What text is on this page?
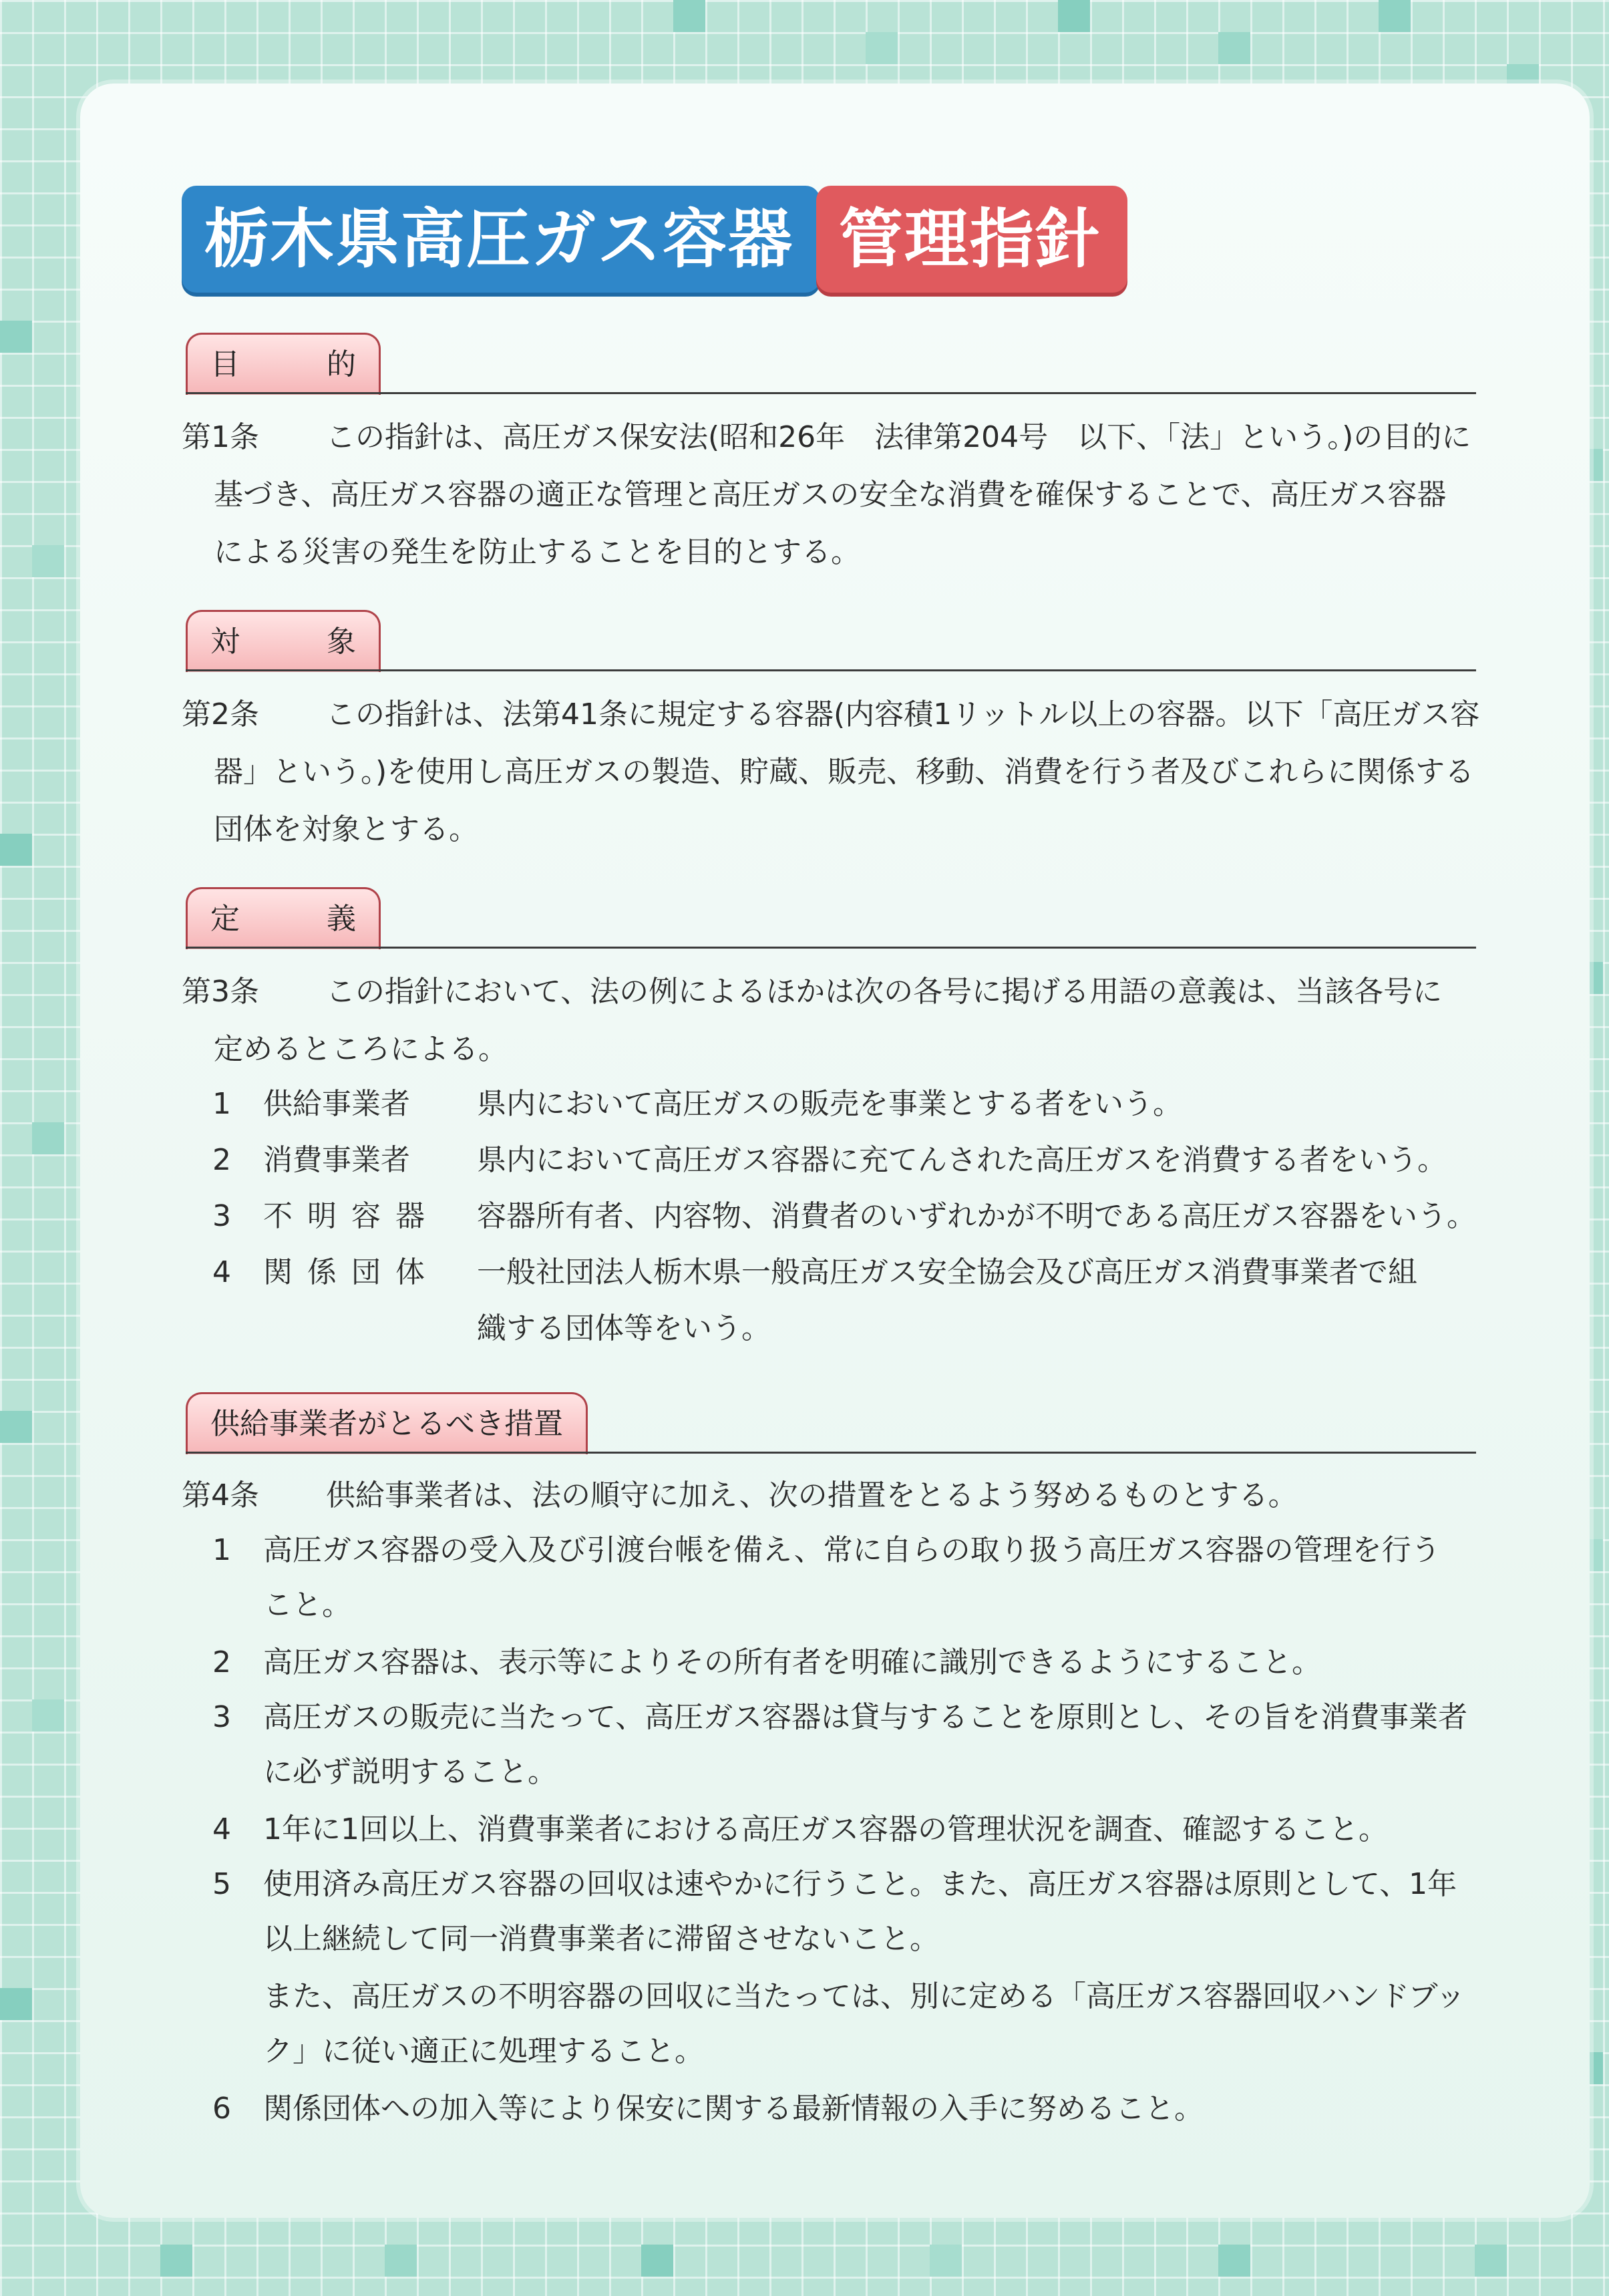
栃木県高圧ガス容器 管理指針
目的
第1条 この指針は、高圧ガス保安法(昭和26年　法律第204号　以下、「法」という。)の目的に
基づき、高圧ガス容器の適正な管理と高圧ガスの安全な消費を確保することで、高圧ガス容器
による災害の発生を防止することを目的とする。
対象
第2条 この指針は、法第41条に規定する容器(内容積1リットル以上の容器。以下「高圧ガス容
器」という。)を使用し高圧ガスの製造、貯蔵、販売、移動、消費を行う者及びこれらに関係する
団体を対象とする。
定義
第3条 この指針において、法の例によるほかは次の各号に掲げる用語の意義は、当該各号に
定めるところによる。
1 供給事業者 県内において高圧ガスの販売を事業とする者をいう。
2 消費事業者 県内において高圧ガス容器に充てんされた高圧ガスを消費する者をいう。
3 不明容器 容器所有者、内容物、消費者のいずれかが不明である高圧ガス容器をいう。
4 関係団体 一般社団法人栃木県一般高圧ガス安全協会及び高圧ガス消費事業者で組
織する団体等をいう。
供給事業者がとるべき措置
第4条 供給事業者は、法の順守に加え、次の措置をとるよう努めるものとする。
1 高圧ガス容器の受入及び引渡台帳を備え、常に自らの取り扱う高圧ガス容器の管理を行う
こと。
2 高圧ガス容器は、表示等によりその所有者を明確に識別できるようにすること。
3 高圧ガスの販売に当たって、高圧ガス容器は貸与することを原則とし、その旨を消費事業者
に必ず説明すること。
4 1年に1回以上、消費事業者における高圧ガス容器の管理状況を調査、確認すること。
5 使用済み高圧ガス容器の回収は速やかに行うこと。また、高圧ガス容器は原則として、1年
以上継続して同一消費事業者に滞留させないこと。
また、高圧ガスの不明容器の回収に当たっては、別に定める「高圧ガス容器回収ハンドブッ
ク」に従い適正に処理すること。
6 関係団体への加入等により保安に関する最新情報の入手に努めること。
